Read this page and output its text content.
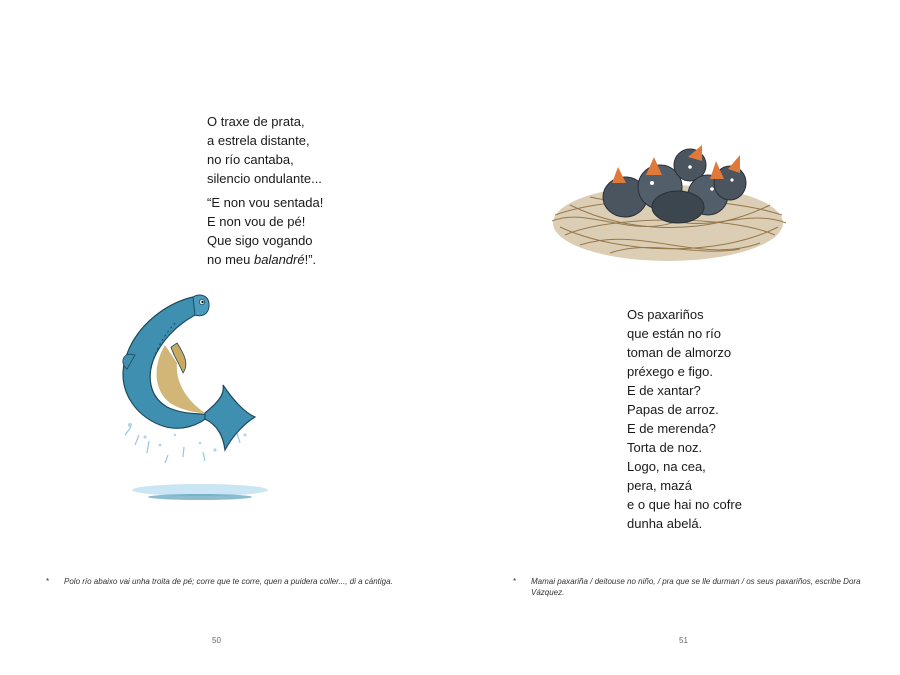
O traxe de prata,
a estrela distante,
no río cantaba,
silencio ondulante...
“E non vou sentada!
E non vou de pé!
Que sigo vogando
no meu balandré!”.
* Polo río abaixo vai unha troita de pé; corre que te corre, quen a puidera coller..., di a cántiga.
50
Os paxariños
que están no río
toman de almorzo
préxego e figo.
E de xantar?
Papas de arroz.
E de merenda?
Torta de noz.
Logo, na cea,
pera, mazá
e o que hai no cofre
dunha abelá.
* Mamai paxariña / deitouse no niño, / pra que se lle durman / os seus paxariños, escribe Dora Vázquez.
51
